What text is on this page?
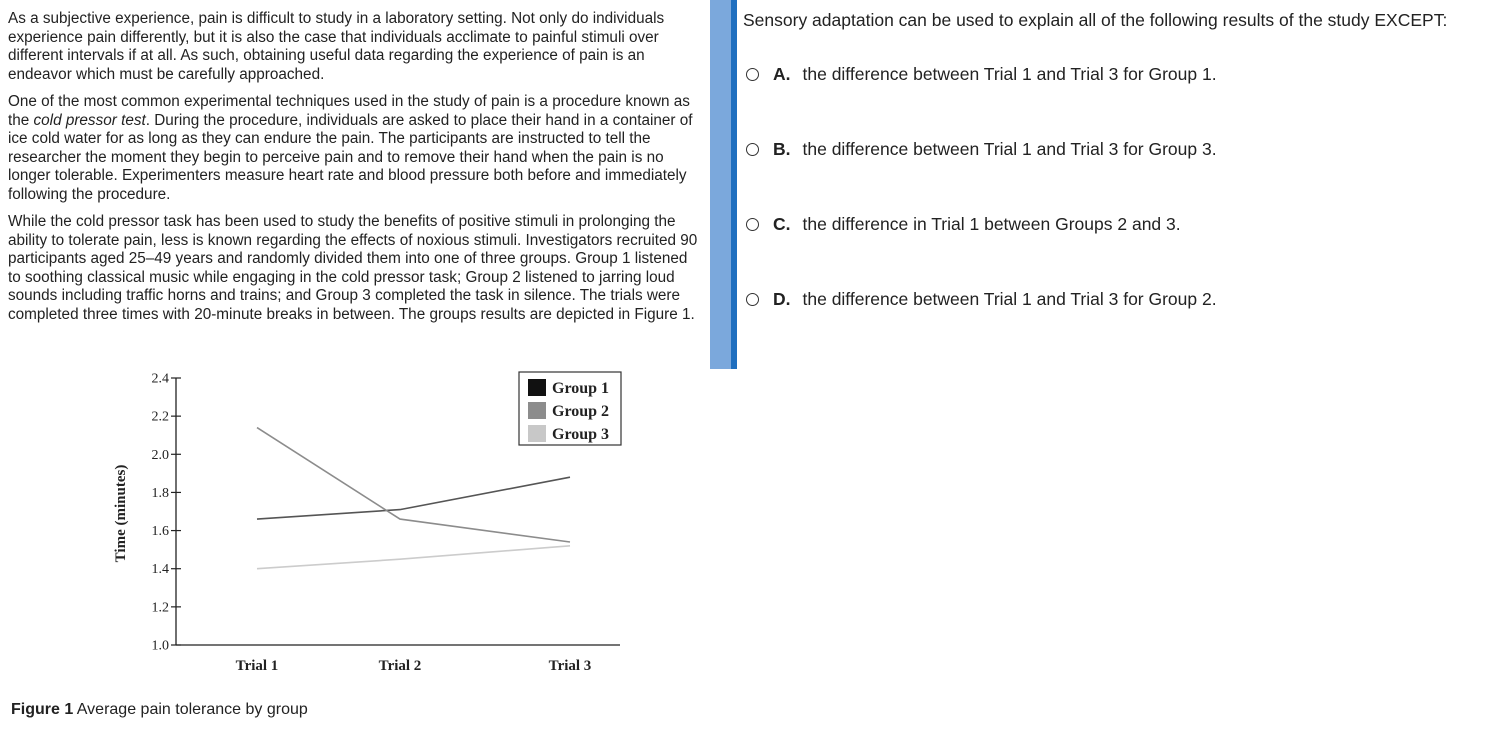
As a subjective experience, pain is difficult to study in a laboratory setting. Not only do individuals experience pain differently, but it is also the case that individuals acclimate to painful stimuli over different intervals if at all. As such, obtaining useful data regarding the experience of pain is an endeavor which must be carefully approached.

One of the most common experimental techniques used in the study of pain is a procedure known as the cold pressor test. During the procedure, individuals are asked to place their hand in a container of ice cold water for as long as they can endure the pain. The participants are instructed to tell the researcher the moment they begin to perceive pain and to remove their hand when the pain is no longer tolerable. Experimenters measure heart rate and blood pressure both before and immediately following the procedure.

While the cold pressor task has been used to study the benefits of positive stimuli in prolonging the ability to tolerate pain, less is known regarding the effects of noxious stimuli. Investigators recruited 90 participants aged 25–49 years and randomly divided them into one of three groups. Group 1 listened to soothing classical music while engaging in the cold pressor task; Group 2 listened to jarring loud sounds including traffic horns and trains; and Group 3 completed the task in silence. The trials were completed three times with 20-minute breaks in between. The groups results are depicted in Figure 1.

1.0
1.2
1.4
1.6
1.8
2.0
2.2
2.4
Time (minutes)
Trial 1	Trial 2	Trial 3
Group 1
Group 2
Group 3
Figure 1 Average pain tolerance by group
Sensory adaptation can be used to explain all of the following results of the study EXCEPT:
A. the difference between Trial 1 and Trial 3 for Group 1.
B. the difference between Trial 1 and Trial 3 for Group 3.
C. the difference in Trial 1 between Groups 2 and 3.
D. the difference between Trial 1 and Trial 3 for Group 2.
